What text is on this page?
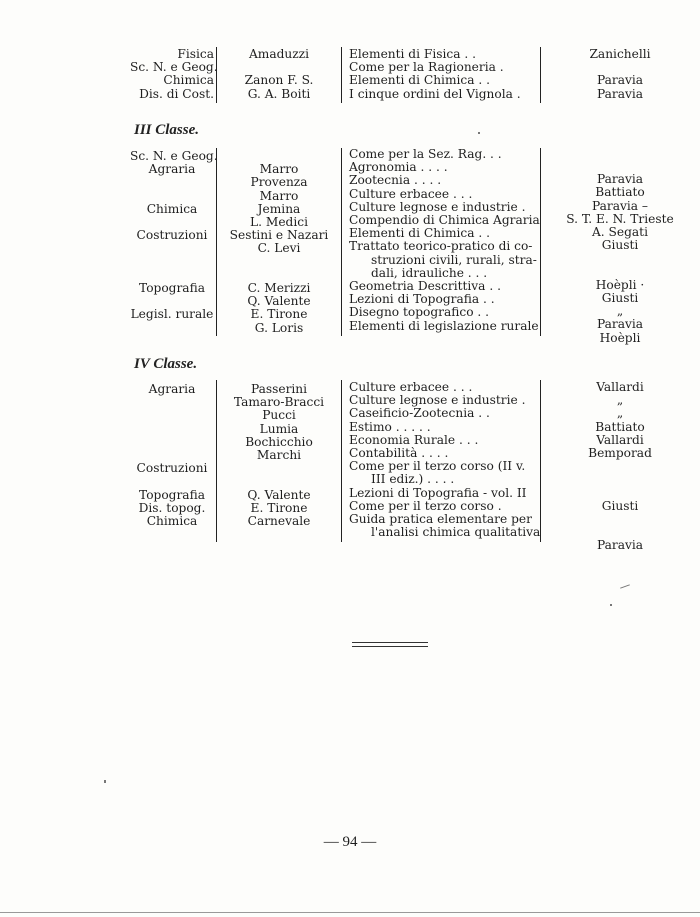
Fisica
Sc. N. e Geog.
Chimica
Dis. di Cost.
Amaduzzi

Zanon F. S.
G. A. Boiti
Elementi di Fisica . .
Come per la Ragioneria .
Elementi di Chimica . .
I cinque ordini del Vignola .
Zanichelli

Paravia
Paravia
III Classe.
Sc. N. e Geog.
Agraria

Chimica

Costruzioni

Topografia

Legisl. rurale

Marro
Provenza
Marro
Jemina
L. Medici
Sestini e Nazari
C. Levi

C. Merizzi
Q. Valente
E. Tirone
G. Loris
Come per la Sez. Rag. . .
Agronomia . . . .
Zootecnia . . . .
Culture erbacee . . .
Culture legnose e industrie .
Compendio di Chimica Agraria
Elementi di Chimica . .
Trattato teorico-pratico di co-
struzioni civili, rurali, stra-
dali, idrauliche . . .
Geometria Descrittiva . .
Lezioni di Topografia . .
Disegno topografico . .
Elementi di legislazione rurale

Paravia
Battiato
Paravia –
S. T. E. N. Trieste
A. Segati
Giusti

Hoèpli ·
Giusti
„
Paravia
Hoèpli
IV Classe.
Agraria

Costruzioni

Topografia
Dis. topog.
Chimica
Passerini
Tamaro-Bracci
Pucci
Lumia
Bochicchio
Marchi

Q. Valente
E. Tirone
Carnevale
Culture erbacee . . .
Culture legnose e industrie .
Caseificio-Zootecnia . .
Estimo . . . . .
Economia Rurale . . .
Contabilità . . . .
Come per il terzo corso (II v.
III ediz.) . . . .
Lezioni di Topografia - vol. II
Come per il terzo corso .
Guida pratica elementare per
l'analisi chimica qualitativa
Vallardi
„
„
Battiato
Vallardi
Bemporad

Giusti

Paravia
— 94 —
